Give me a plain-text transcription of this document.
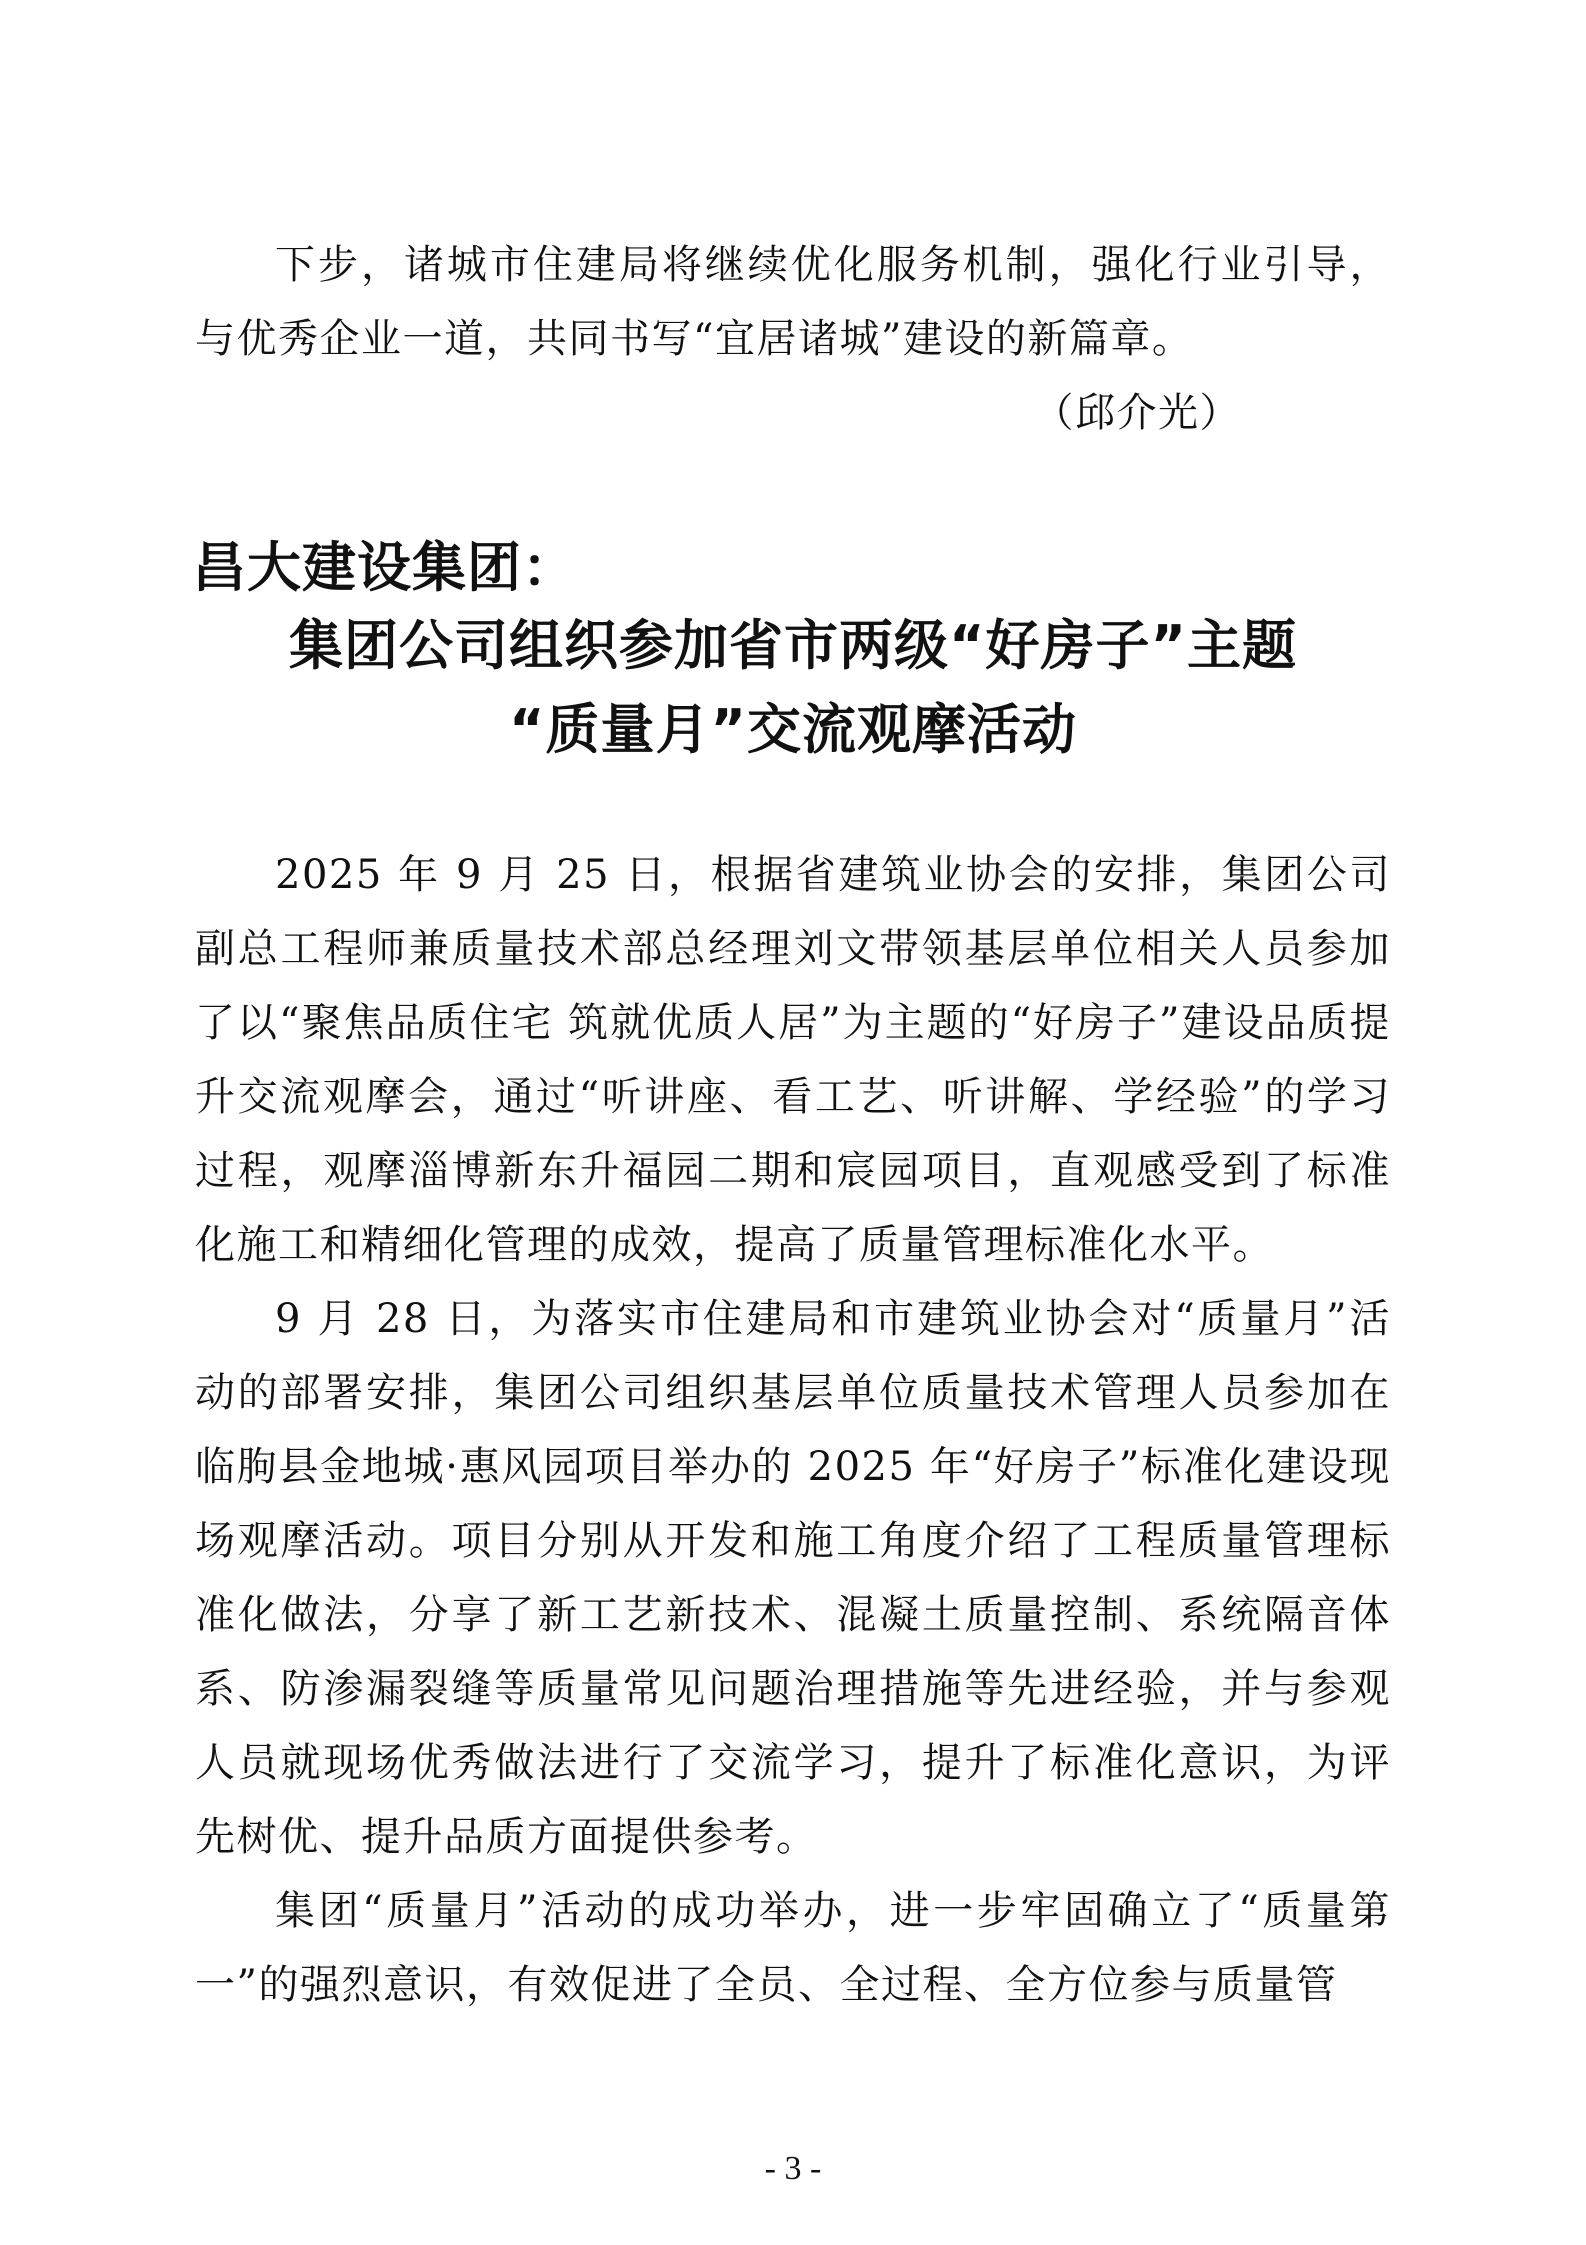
下步，诸城市住建局将继续优化服务机制，强化行业引导，与优秀企业一道，共同书写“宜居诸城”建设的新篇章。

（邱介光）

昌大建设集团：
集团公司组织参加省市两级“好房子”主题
“质量月”交流观摩活动

2025 年 9 月 25 日，根据省建筑业协会的安排，集团公司副总工程师兼质量技术部总经理刘文带领基层单位相关人员参加了以“聚焦品质住宅 筑就优质人居”为主题的“好房子”建设品质提升交流观摩会，通过“听讲座、看工艺、听讲解、学经验”的学习过程，观摩淄博新东升福园二期和宸园项目，直观感受到了标准化施工和精细化管理的成效，提高了质量管理标准化水平。

9 月 28 日，为落实市住建局和市建筑业协会对“质量月”活动的部署安排，集团公司组织基层单位质量技术管理人员参加在临朐县金地城·惠风园项目举办的 2025 年“好房子”标准化建设现场观摩活动。项目分别从开发和施工角度介绍了工程质量管理标准化做法，分享了新工艺新技术、混凝土质量控制、系统隔音体系、防渗漏裂缝等质量常见问题治理措施等先进经验，并与参观人员就现场优秀做法进行了交流学习，提升了标准化意识，为评先树优、提升品质方面提供参考。

集团“质量月”活动的成功举办，进一步牢固确立了“质量第一”的强烈意识，有效促进了全员、全过程、全方位参与质量管

- 3 -
